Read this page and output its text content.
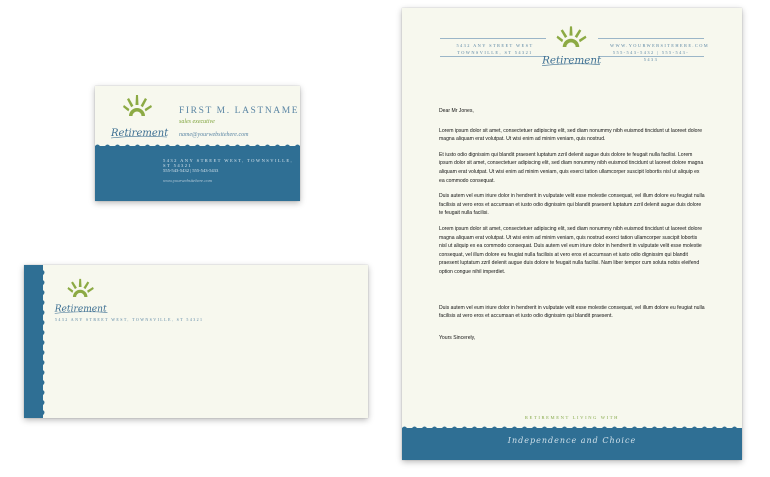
Retirement
FIRST M. LASTNAME
sales executive
name@yourwebsitehere.com
5432 ANY STREET WEST, TOWNSVILLE, ST 54321
555-543-5432 | 555-543-5433
www.yourwebsitehere.com
Retirement
5432 ANY STREET WEST, TOWNSVILLE, ST 54321
5432 ANY STREET WEST
TOWNSVILLE, ST 54321
WWW.YOURWEBSITEHERE.COM
555-543-5432 | 555-543-5433
Retirement

Dear Mr Jones,

Lorem ipsum dolor sit amet, consectetuer adipiscing elit, sed diam nonummy nibh euismod tincidunt ut laoreet dolore magna aliquam erat volutpat. Ut wisi enim ad minim veniam, quis nostrud.

Et iusto odio dignissim qui blandit praesent luptatum zzril delenit augue duis dolore te feugait nulla facilisi. Lorem ipsum dolor sit amet, consectetuer adipiscing elit, sed diam nonummy nibh euismod tincidunt ut laoreet dolore magna aliquam erat volutpat. Ut wisi enim ad minim veniam, quis exerci tation ullamcorper suscipit lobortis nisl ut aliquip ex ea commodo consequat.

Duis autem vel eum iriure dolor in hendrerit in vulputate velit esse molestie consequat, vel illum dolore eu feugiat nulla facilisis at vero eros et accumsan et iusto odio dignissim qui blandit praesent luptatum zzril delenit augue duis dolore te feugait nulla facilisi.

Lorem ipsum dolor sit amet, consectetuer adipiscing elit, sed diam nonummy nibh euismod tincidunt ut laoreet dolore magna aliquam erat volutpat. Ut wisi enim ad minim veniam, quis nostrud exerci tation ullamcorper suscipit lobortis nisl ut aliquip ex ea commodo consequat. Duis autem vel eum iriure dolor in hendrerit in vulputate velit esse molestie consequat, vel illum dolore eu feugiat nulla facilisis at vero eros et accumsan et iusto odio dignissim qui blandit praesent luptatum zzril delenit augue duis dolore te feugait nulla facilisi. Nam liber tempor cum soluta nobis eleifend option congue nihil imperdiet.

Duis autem vel eum iriure dolor in hendrerit in vulputate velit esse molestie consequat, vel illum dolore eu feugiat nulla facilisis at vero eros et accumsan et iusto odio dignissim qui blandit praesent.

Yours Sincerely,

RETIREMENT LIVING WITH
Independence and Choice
